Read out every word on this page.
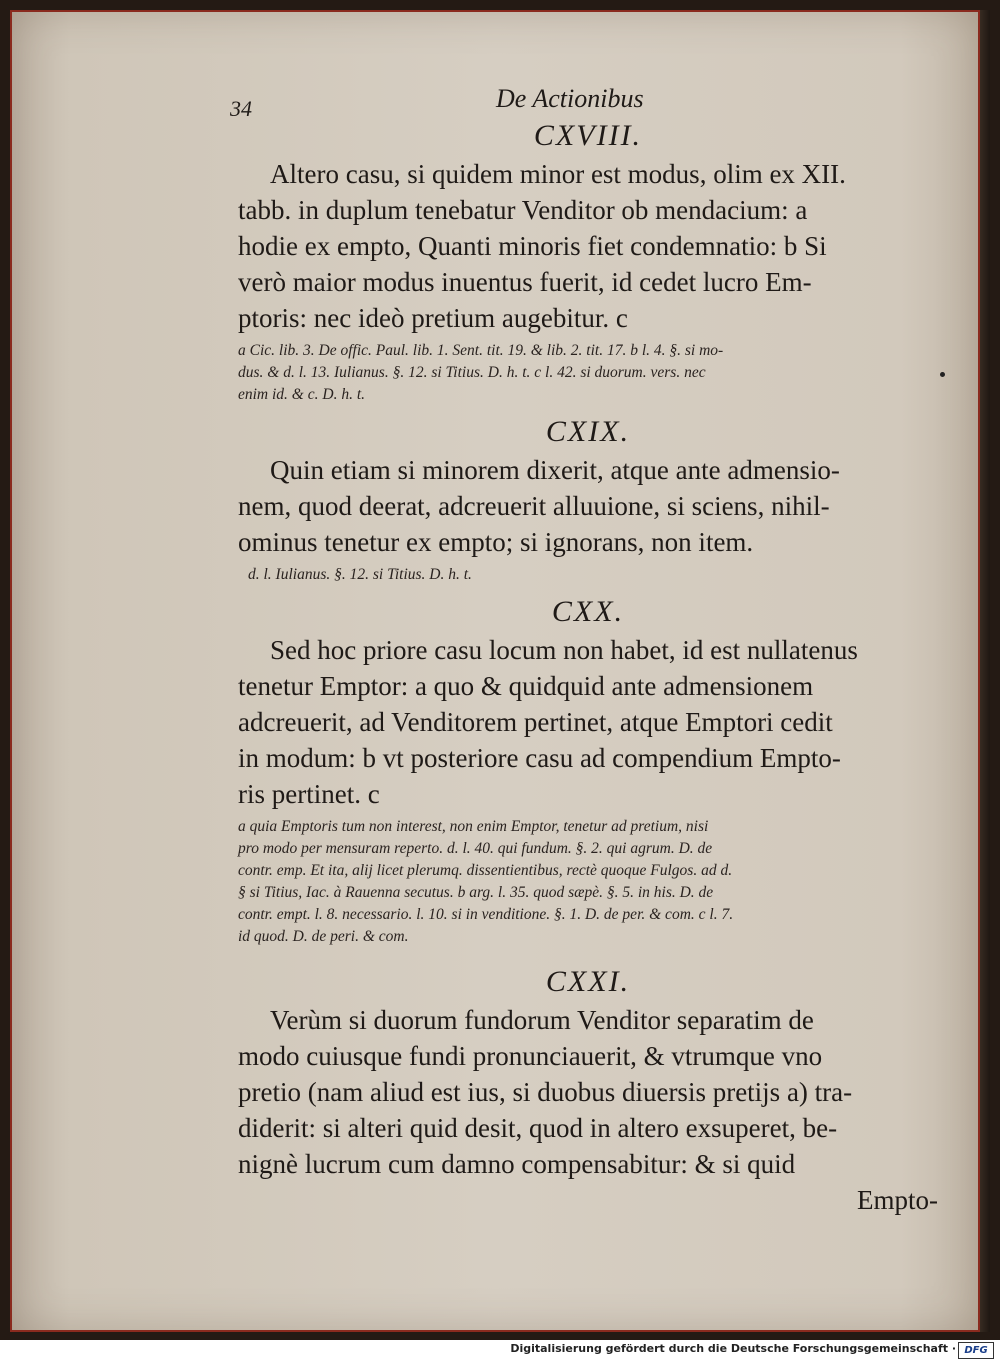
34	De Actionibus

CXVIII.

Altero casu, si quidem minor est modus, olim ex XII.
tabb. in duplum tenebatur Venditor ob mendacium: a
hodie ex empto, Quanti minoris fiet condemnatio: b Si
verò maior modus inuentus fuerit, id cedet lucro Em-
ptoris: nec ideò pretium augebitur. c
a Cic. lib. 3. De offic. Paul. lib. 1. Sent. tit. 19. & lib. 2. tit. 17. b l. 4. §. si mo-
dus. & d. l. 13. Iulianus. §. 12. si Titius. D. h. t. c l. 42. si duorum. vers. nec
enim id. & c. D. h. t.

CXIX.

Quin etiam si minorem dixerit, atque ante admensio-
nem, quod deerat, adcreuerit alluuione, si sciens, nihil-
ominus tenetur ex empto; si ignorans, non item.
d. l. Iulianus. §. 12. si Titius. D. h. t.

CXX.

Sed hoc priore casu locum non habet, id est nullatenus
tenetur Emptor: a quo & quidquid ante admensionem
adcreuerit, ad Venditorem pertinet, atque Emptori cedit
in modum: b vt posteriore casu ad compendium Empto-
ris pertinet. c
a quia Emptoris tum non interest, non enim Emptor, tenetur ad pretium, nisi
pro modo per mensuram reperto. d. l. 40. qui fundum. §. 2. qui agrum. D. de
contr. emp. Et ita, alij licet plerumq. dissentientibus, rectè quoque Fulgos. ad d.
§ si Titius, Iac. à Rauenna secutus. b arg. l. 35. quod sæpè. §. 5. in his. D. de
contr. empt. l. 8. necessario. l. 10. si in venditione. §. 1. D. de per. & com. c l. 7.
id quod. D. de peri. & com.

CXXI.

Verùm si duorum fundorum Venditor separatim de
modo cuiusque fundi pronunciauerit, & vtrumque vno
pretio (nam aliud est ius, si duobus diuersis pretijs a) tra-
diderit: si alteri quid desit, quod in altero exsuperet, be-
nignè lucrum cum damno compensabitur: & si quid
Empto-
Digitalisierung gefördert durch die Deutsche Forschungsgemeinschaft · DFG
